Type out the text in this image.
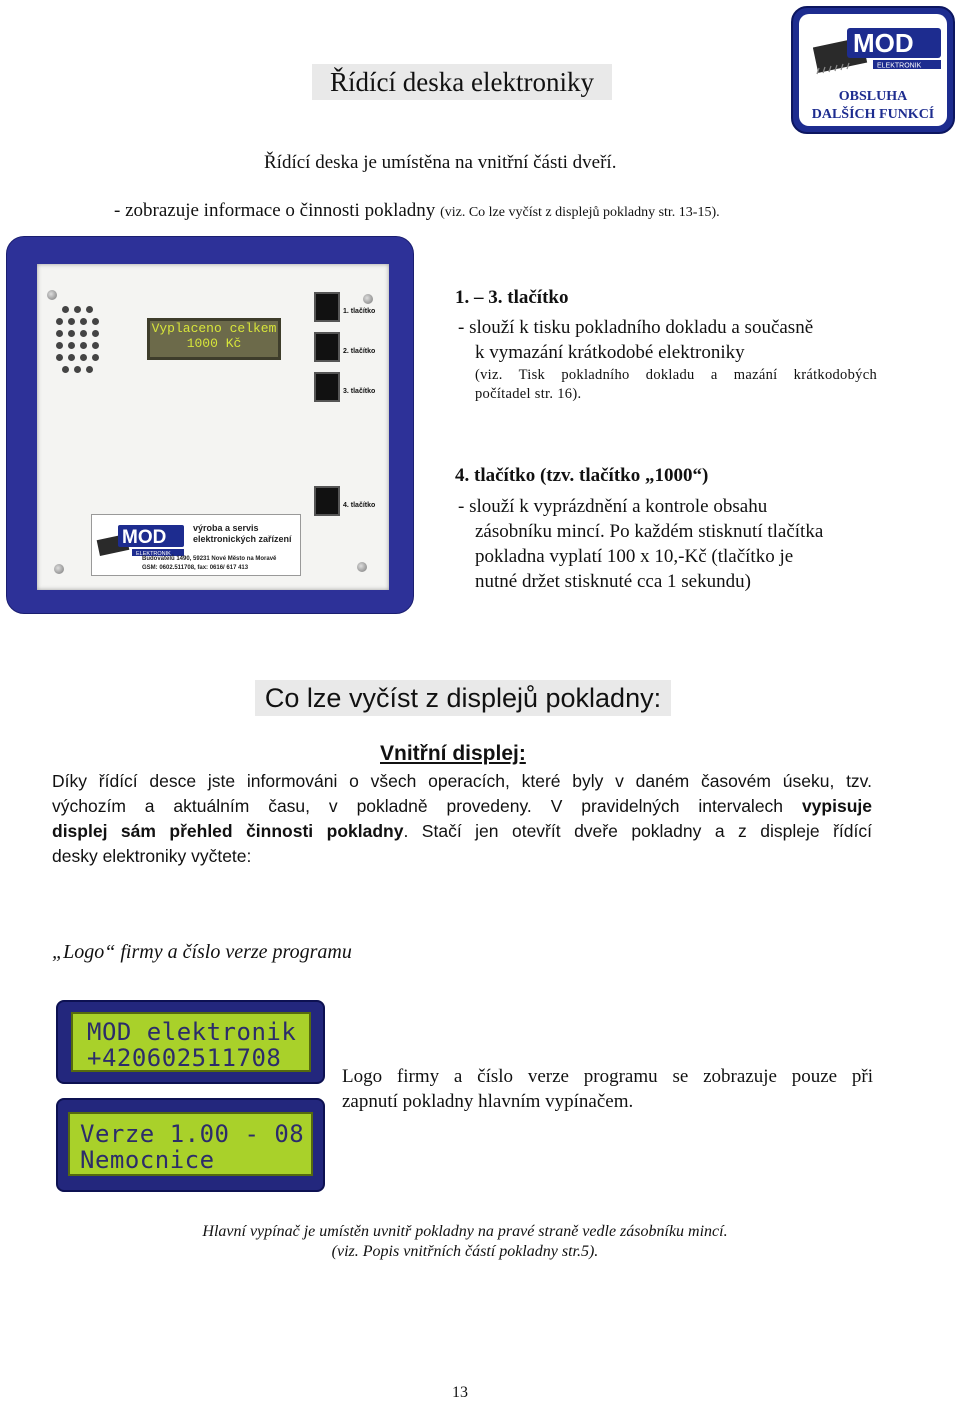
Řídící deska elektroniky
MOD
ELEKTRONIK
OBSLUHA
DALŠÍCH FUNKCÍ
Řídící deska je umístěna na vnitřní části dveří.
- zobrazuje informace o činnosti pokladny (viz. Co lze vyčíst z displejů pokladny str. 13-15).
Vyplaceno celkem
1000 Kč
1. tlačítko
2. tlačítko
3. tlačítko
4. tlačítko
MOD
ELEKTRONIK
výroba a servis
elektronických zařízení
Budovatelů 1490, 59231 Nové Město na Moravě
GSM: 0602.511708, fax: 0616/ 617 413
1. – 3. tlačítko
- slouží k tisku pokladního dokladu a současně
k vymazání krátkodobé elektroniky
(viz. Tisk pokladního dokladu a mazání krátkodobých
počítadel str. 16).
4. tlačítko (tzv. tlačítko „1000“)
- slouží k vyprázdnění a kontrole obsahu
zásobníku mincí. Po každém stisknutí tlačítka
pokladna vyplatí 100 x 10,-Kč (tlačítko je
nutné držet stisknuté cca 1 sekundu)
Co lze vyčíst z displejů pokladny:
Vnitřní displej:
Díky řídící desce jste informováni o všech operacích, které byly v daném časovém úseku, tzv.
výchozím a aktuálním času, v pokladně provedeny. V pravidelných intervalech vypisuje
displej sám přehled činnosti pokladny. Stačí jen otevřít dveře pokladny a z displeje řídící
desky elektroniky vyčtete:
„Logo“ firmy a číslo verze programu
MOD elektronik
+420602511708
Verze 1.00 - 08
Nemocnice
Logo firmy a číslo verze programu se zobrazuje pouze při
zapnutí pokladny hlavním vypínačem.
Hlavní vypínač je umístěn uvnitř pokladny na pravé straně vedle zásobníku mincí.
(viz. Popis vnitřních částí pokladny str.5).
13
